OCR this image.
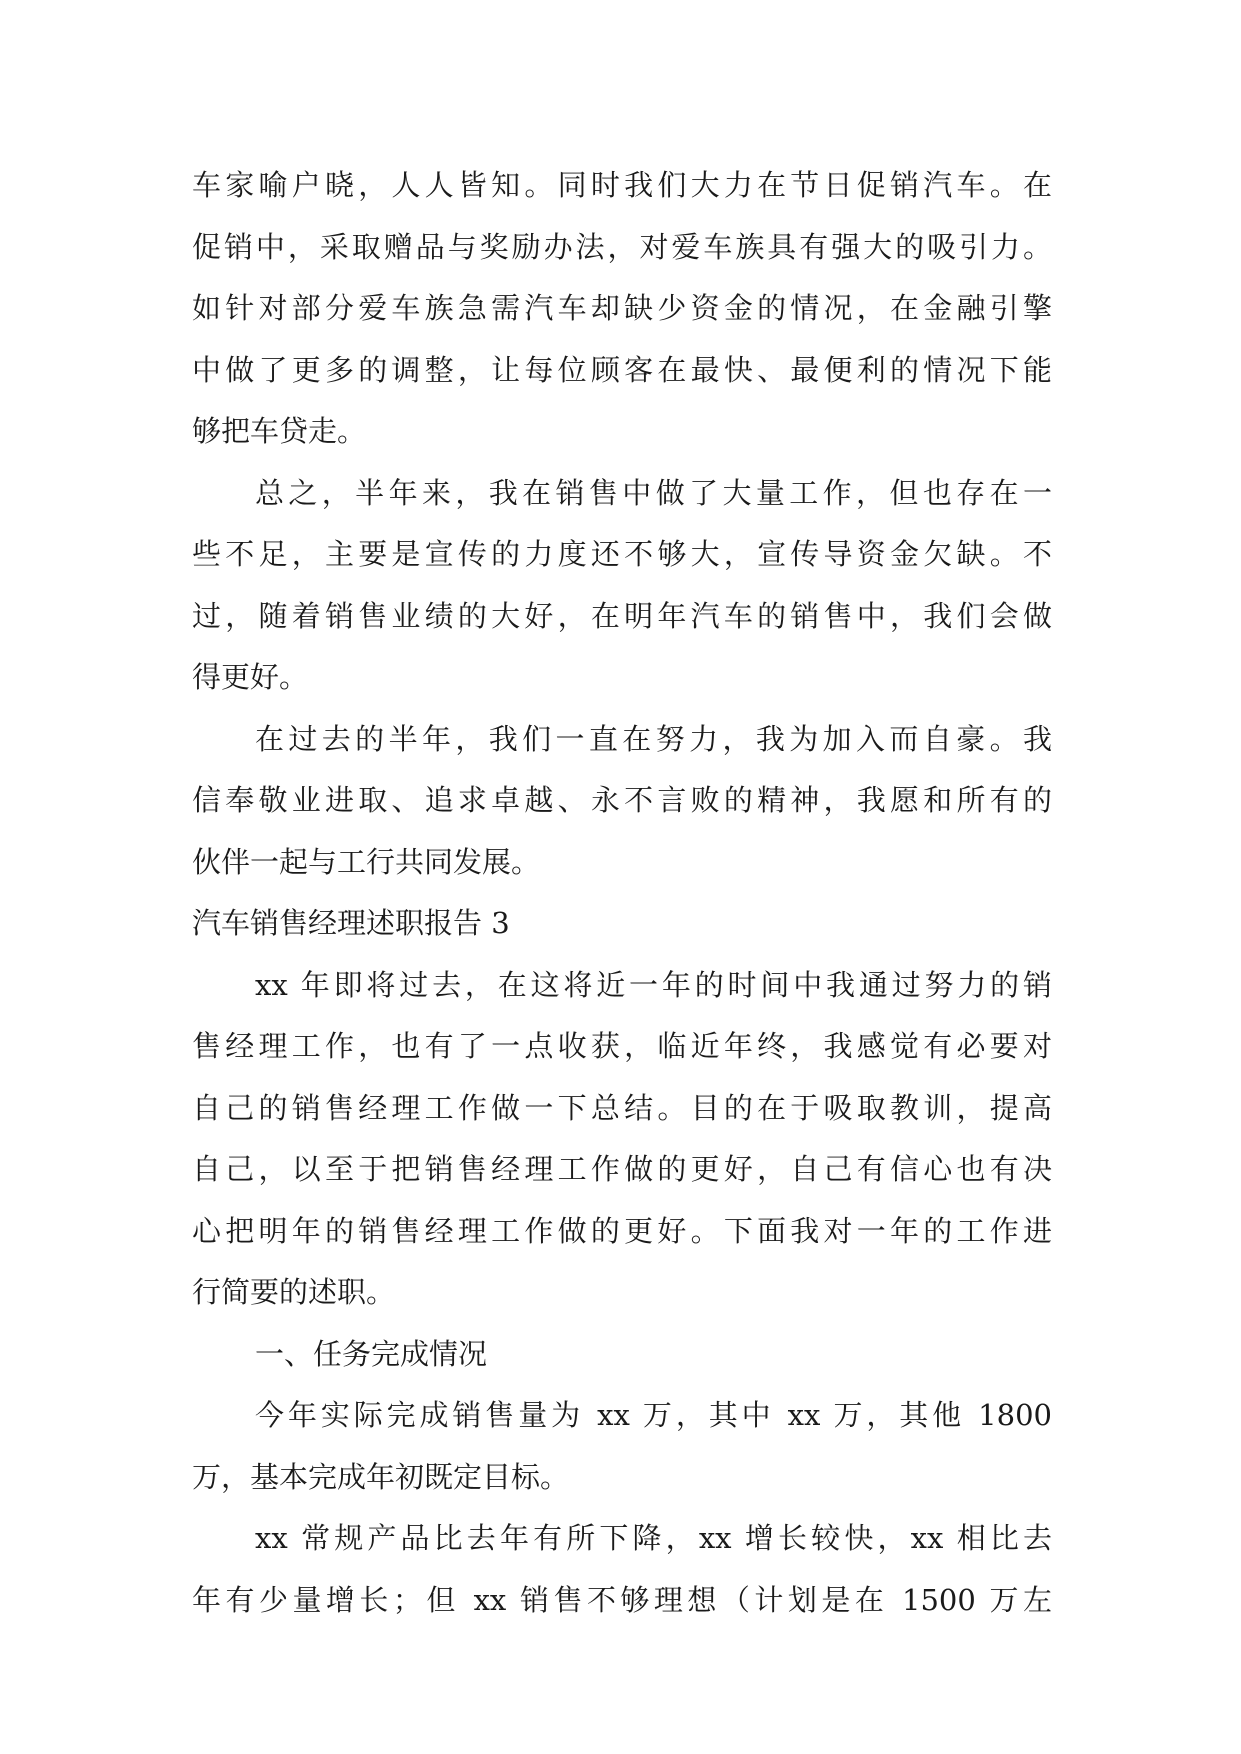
车家喻户晓，人人皆知。同时我们大力在节日促销汽车。在
促销中，采取赠品与奖励办法，对爱车族具有强大的吸引力。
如针对部分爱车族急需汽车却缺少资金的情况，在金融引擎
中做了更多的调整，让每位顾客在最快、最便利的情况下能
够把车贷走。
总之，半年来，我在销售中做了大量工作，但也存在一
些不足，主要是宣传的力度还不够大，宣传导资金欠缺。不
过，随着销售业绩的大好，在明年汽车的销售中，我们会做
得更好。
在过去的半年，我们一直在努力，我为加入而自豪。我
信奉敬业进取、追求卓越、永不言败的精神，我愿和所有的
伙伴一起与工行共同发展。
汽车销售经理述职报告 3
xx 年即将过去，在这将近一年的时间中我通过努力的销
售经理工作，也有了一点收获，临近年终，我感觉有必要对
自己的销售经理工作做一下总结。目的在于吸取教训，提高
自己，以至于把销售经理工作做的更好，自己有信心也有决
心把明年的销售经理工作做的更好。下面我对一年的工作进
行简要的述职。
一、任务完成情况
今年实际完成销售量为 xx 万，其中 xx 万，其他 1800
万，基本完成年初既定目标。
xx 常规产品比去年有所下降，xx 增长较快，xx 相比去
年有少量增长；但 xx 销售不够理想（计划是在 1500 万左
